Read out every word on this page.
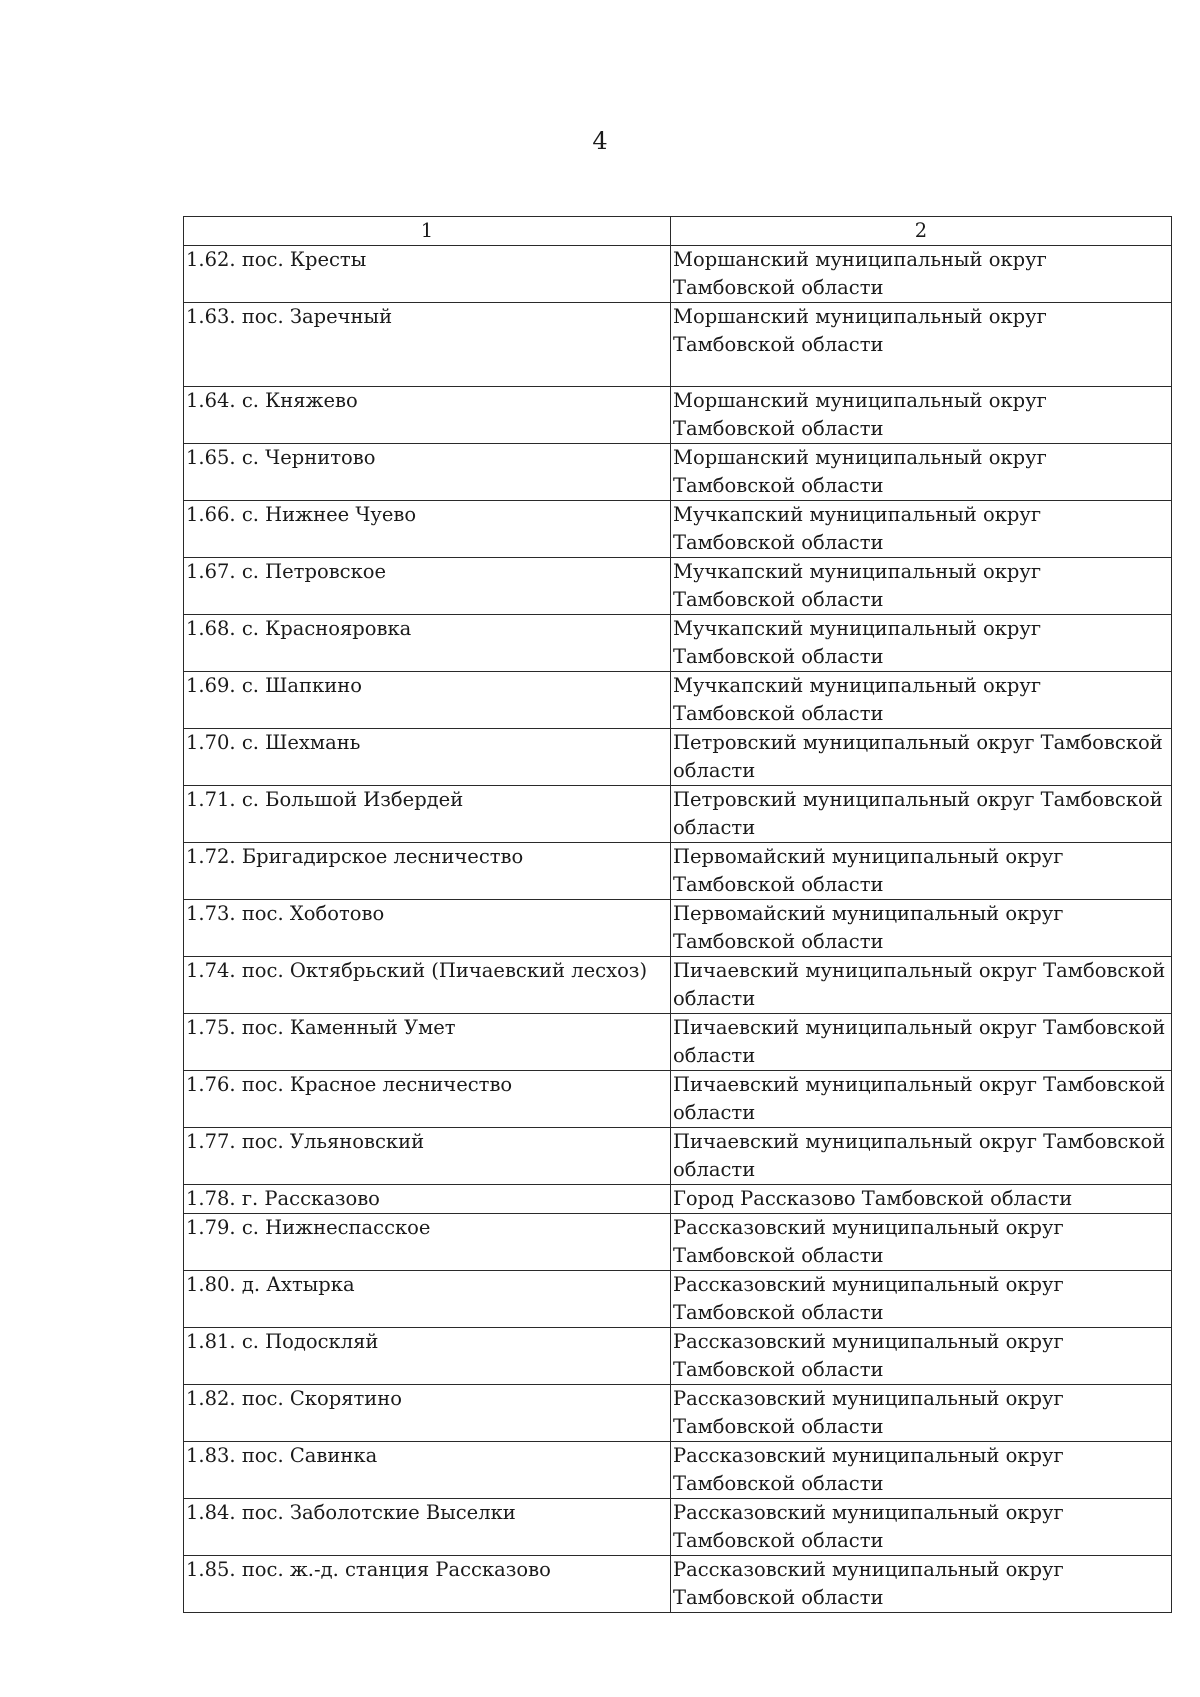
4
1	2

1.62. пос. Кресты	Моршанский муниципальный округ
Тамбовской области

1.63. пос. Заречный	Моршанский муниципальный округ
Тамбовской области

1.64. с. Княжево	Моршанский муниципальный округ
Тамбовской области

1.65. с. Чернитово	Моршанский муниципальный округ
Тамбовской области

1.66. с. Нижнее Чуево	Мучкапский муниципальный округ
Тамбовской области

1.67. с. Петровское	Мучкапский муниципальный округ
Тамбовской области

1.68. с. Краснояровка	Мучкапский муниципальный округ
Тамбовской области

1.69. с. Шапкино	Мучкапский муниципальный округ
Тамбовской области

1.70. с. Шехмань	Петровский муниципальный округ Тамбовской
области

1.71. с. Большой Избердей	Петровский муниципальный округ Тамбовской
области

1.72. Бригадирское лесничество	Первомайский муниципальный округ
Тамбовской области

1.73. пос. Хоботово	Первомайский муниципальный округ
Тамбовской области

1.74. пос. Октябрьский (Пичаевский лесхоз)	Пичаевский муниципальный округ Тамбовской
области

1.75. пос. Каменный Умет	Пичаевский муниципальный округ Тамбовской
области

1.76. пос. Красное лесничество	Пичаевский муниципальный округ Тамбовской
области

1.77. пос. Ульяновский	Пичаевский муниципальный округ Тамбовской
области

1.78. г. Рассказово	Город Рассказово Тамбовской области

1.79. с. Нижнеспасское	Рассказовский муниципальный округ
Тамбовской области

1.80. д. Ахтырка	Рассказовский муниципальный округ
Тамбовской области

1.81. с. Подоскляй	Рассказовский муниципальный округ
Тамбовской области

1.82. пос. Скорятино	Рассказовский муниципальный округ
Тамбовской области

1.83. пос. Савинка	Рассказовский муниципальный округ
Тамбовской области

1.84. пос. Заболотские Выселки	Рассказовский муниципальный округ
Тамбовской области

1.85. пос. ж.-д. станция Рассказово	Рассказовский муниципальный округ
Тамбовской области
